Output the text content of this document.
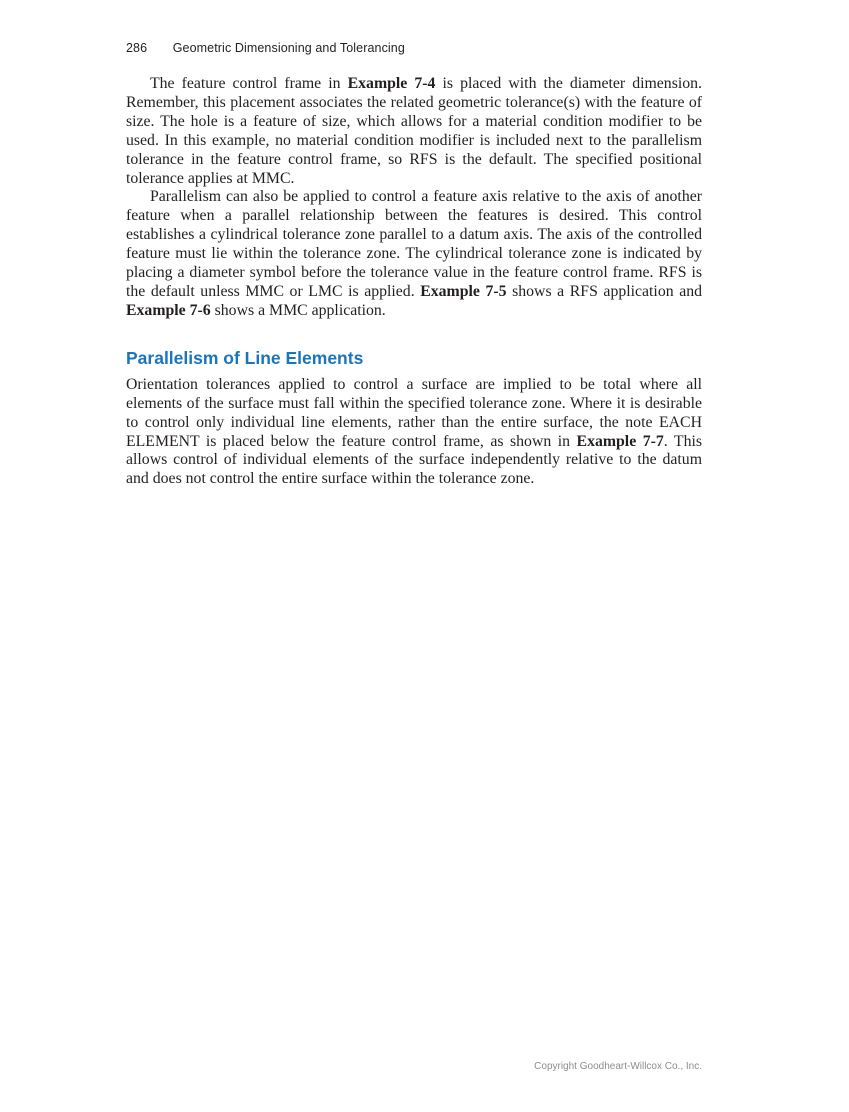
286 Geometric Dimensioning and Tolerancing

The feature control frame in Example 7-4 is placed with the diameter dimension. Remember, this placement associates the related geometric tolerance(s) with the feature of size. The hole is a feature of size, which allows for a material condition modifier to be used. In this example, no material condition modifier is included next to the parallelism tolerance in the feature control frame, so RFS is the default. The specified positional tolerance applies at MMC.

Parallelism can also be applied to control a feature axis relative to the axis of another feature when a parallel relationship between the features is desired. This control establishes a cylindrical tolerance zone parallel to a datum axis. The axis of the controlled feature must lie within the tolerance zone. The cylindrical tolerance zone is indicated by placing a diameter symbol before the tolerance value in the feature control frame. RFS is the default unless MMC or LMC is applied. Example 7-5 shows a RFS application and Example 7-6 shows a MMC application.

Parallelism of Line Elements

Orientation tolerances applied to control a surface are implied to be total where all elements of the surface must fall within the specified tolerance zone. Where it is desirable to control only individual line elements, rather than the entire surface, the note EACH ELEMENT is placed below the feature control frame, as shown in Example 7-7. This allows control of individual elements of the surface independently relative to the datum and does not control the entire surface within the tolerance zone.

Copyright Goodheart-Willcox Co., Inc.
